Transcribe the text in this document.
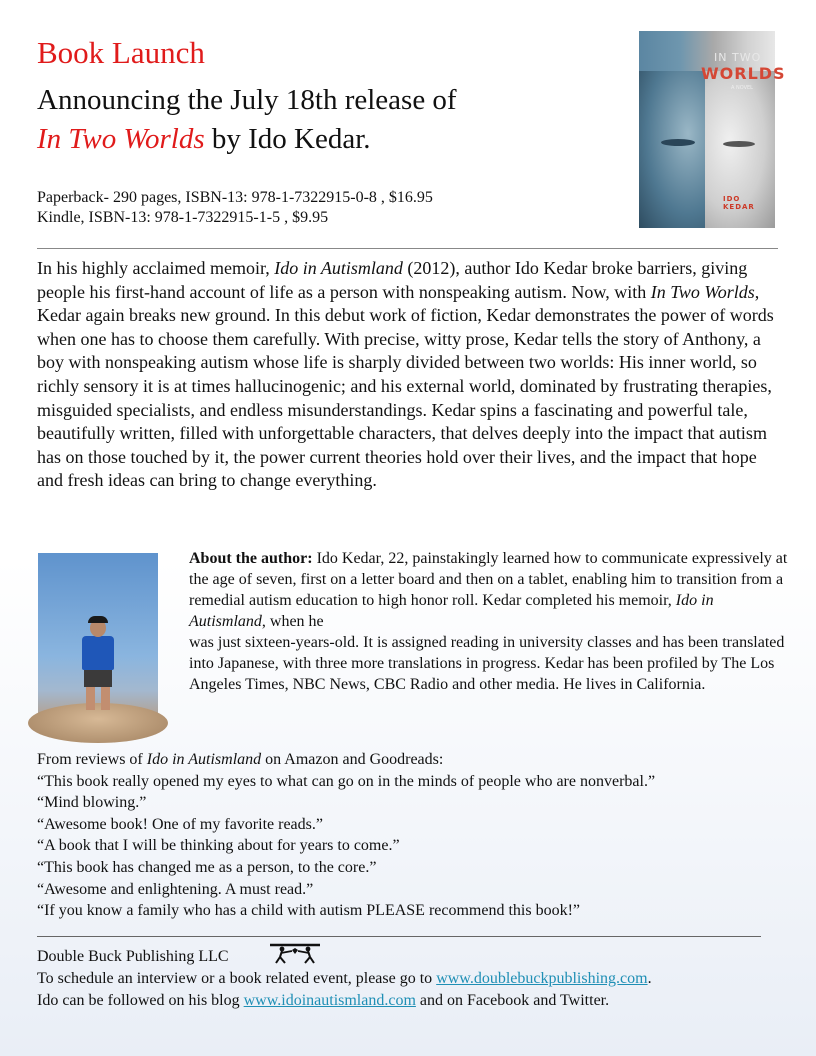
Book Launch
Announcing the July 18th release of
In Two Worlds by Ido Kedar.
Paperback- 290 pages, ISBN-13: 978-1-7322915-0-8 , $16.95
Kindle, ISBN-13: 978-1-7322915-1-5 , $9.95
IN TWO
WORLDS
A NOVEL
IDO KEDAR

In his highly acclaimed memoir, Ido in Autismland (2012), author Ido Kedar broke barriers, giving people his first-hand account of life as a person with nonspeaking autism. Now, with In Two Worlds, Kedar again breaks new ground. In this debut work of fiction, Kedar demonstrates the power of words when one has to choose them carefully. With precise, witty prose, Kedar tells the story of Anthony, a boy with nonspeaking autism whose life is sharply divided between two worlds: His inner world, so richly sensory it is at times hallucinogenic; and his external world, dominated by frustrating therapies, misguided specialists, and endless misunderstandings. Kedar spins a fascinating and powerful tale, beautifully written, filled with unforgettable characters, that delves deeply into the impact that autism has on those touched by it, the power current theories hold over their lives, and the impact that hope and fresh ideas can bring to change everything.

About the author: Ido Kedar, 22, painstakingly learned how to communicate expressively at the age of seven, first on a letter board and then on a tablet, enabling him to transition from a remedial autism education to high honor roll. Kedar completed his memoir, Ido in Autismland, when he
was just sixteen-years-old. It is assigned reading in university classes and has been translated into Japanese, with three more translations in progress. Kedar has been profiled by The Los Angeles Times, NBC News, CBC Radio and other media. He lives in California.

From reviews of Ido in Autismland on Amazon and Goodreads:
“This book really opened my eyes to what can go on in the minds of people who are nonverbal.”
“Mind blowing.”
“Awesome book! One of my favorite reads.”
“A book that I will be thinking about for years to come.”
“This book has changed me as a person, to the core.”
“Awesome and enlightening. A must read.”
“If you know a family who has a child with autism PLEASE recommend this book!”
Double Buck Publishing LLC
To schedule an interview or a book related event, please go to www.doublebuckpublishing.com.
Ido can be followed on his blog www.idoinautismland.com and on Facebook and Twitter.
